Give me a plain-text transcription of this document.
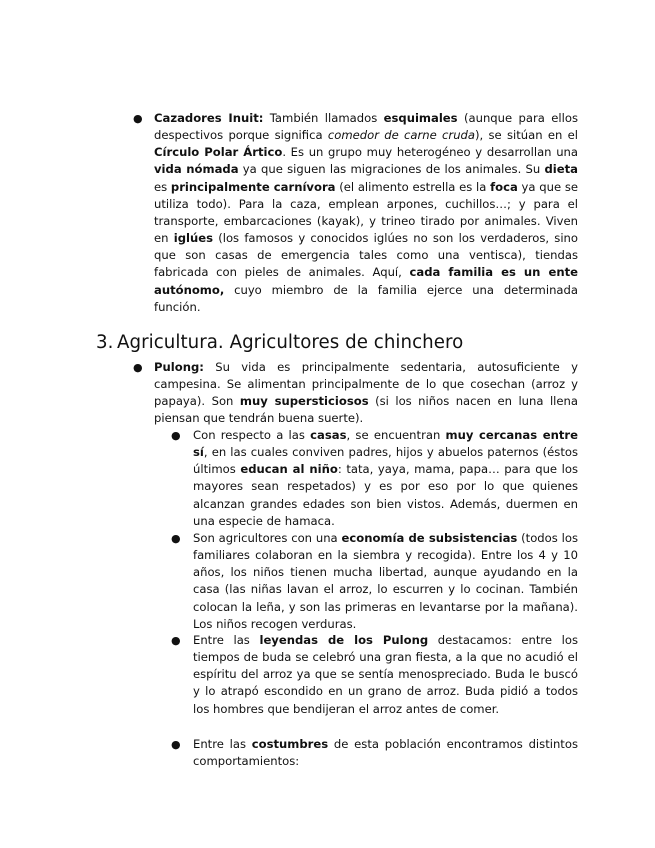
● Cazadores Inuit: También llamados esquimales (aunque para ellos despectivos porque significa comedor de carne cruda), se sitúan en el Círculo Polar Ártico. Es un grupo muy heterogéneo y desarrollan una vida nómada ya que siguen las migraciones de los animales. Su dieta es principalmente carnívora (el alimento estrella es la foca ya que se utiliza todo). Para la caza, emplean arpones, cuchillos…; y para el transporte, embarcaciones (kayak), y trineo tirado por animales. Viven en iglúes (los famosos y conocidos iglúes no son los verdaderos, sino que son casas de emergencia tales como una ventisca), tiendas fabricada con pieles de animales. Aquí, cada familia es un ente autónomo, cuyo miembro de la familia ejerce una determinada función.
3. Agricultura. Agricultores de chinchero
● Pulong: Su vida es principalmente sedentaria, autosuficiente y campesina. Se alimentan principalmente de lo que cosechan (arroz y papaya). Son muy supersticiosos (si los niños nacen en luna llena piensan que tendrán buena suerte).
● Con respecto a las casas, se encuentran muy cercanas entre sí, en las cuales conviven padres, hijos y abuelos paternos (éstos últimos educan al niño: tata, yaya, mama, papa… para que los mayores sean respetados) y es por eso por lo que quienes alcanzan grandes edades son bien vistos. Además, duermen en una especie de hamaca.
● Son agricultores con una economía de subsistencias (todos los familiares colaboran en la siembra y recogida). Entre los 4 y 10 años, los niños tienen mucha libertad, aunque ayudando en la casa (las niñas lavan el arroz, lo escurren y lo cocinan. También colocan la leña, y son las primeras en levantarse por la mañana). Los niños recogen verduras.
● Entre las leyendas de los Pulong destacamos: entre los tiempos de buda se celebró una gran fiesta, a la que no acudió el espíritu del arroz ya que se sentía menospreciado. Buda le buscó y lo atrapó escondido en un grano de arroz. Buda pidió a todos los hombres que bendijeran el arroz antes de comer.
● Entre las costumbres de esta población encontramos distintos comportamientos:
